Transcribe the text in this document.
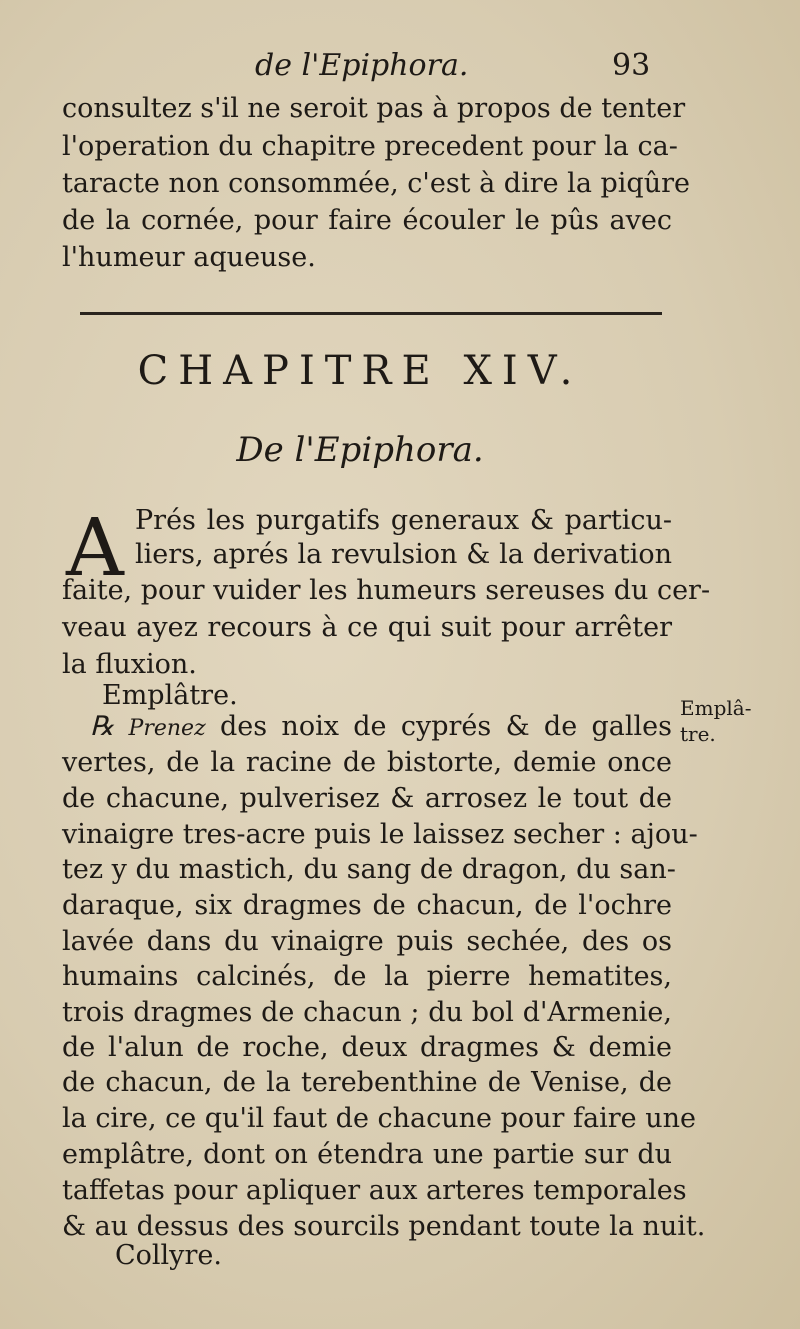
de l'Epiphora.	93
consultez s'il ne seroit pas à propos de tenter
l'operation du chapitre precedent pour la ca-
taracte non consommée, c'est à dire la piqûre
de la cornée, pour faire écouler le pûs avec
l'humeur aqueuse.
CHAPITRE XIV.
De l'Epiphora.
A Prés les purgatifs generaux & particu-
liers, aprés la revulsion & la derivation
faite, pour vuider les humeurs sereuses du cer-
veau ayez recours à ce qui suit pour arrêter
la fluxion.
Emplâtre.	Emplâ-
tre.
℞ Prenez des noix de cyprés & de galles
vertes, de la racine de bistorte, demie once
de chacune, pulverisez & arrosez le tout de
vinaigre tres-acre puis le laissez secher : ajou-
tez y du mastich, du sang de dragon, du san-
daraque, six dragmes de chacun, de l'ochre
lavée dans du vinaigre puis sechée, des os
humains calcinés, de la pierre hematites,
trois dragmes de chacun ; du bol d'Armenie,
de l'alun de roche, deux dragmes & demie
de chacun, de la terebenthine de Venise, de
la cire, ce qu'il faut de chacune pour faire une
emplâtre, dont on étendra une partie sur du
taffetas pour apliquer aux arteres temporales
& au dessus des sourcils pendant toute la nuit.
Collyre.
